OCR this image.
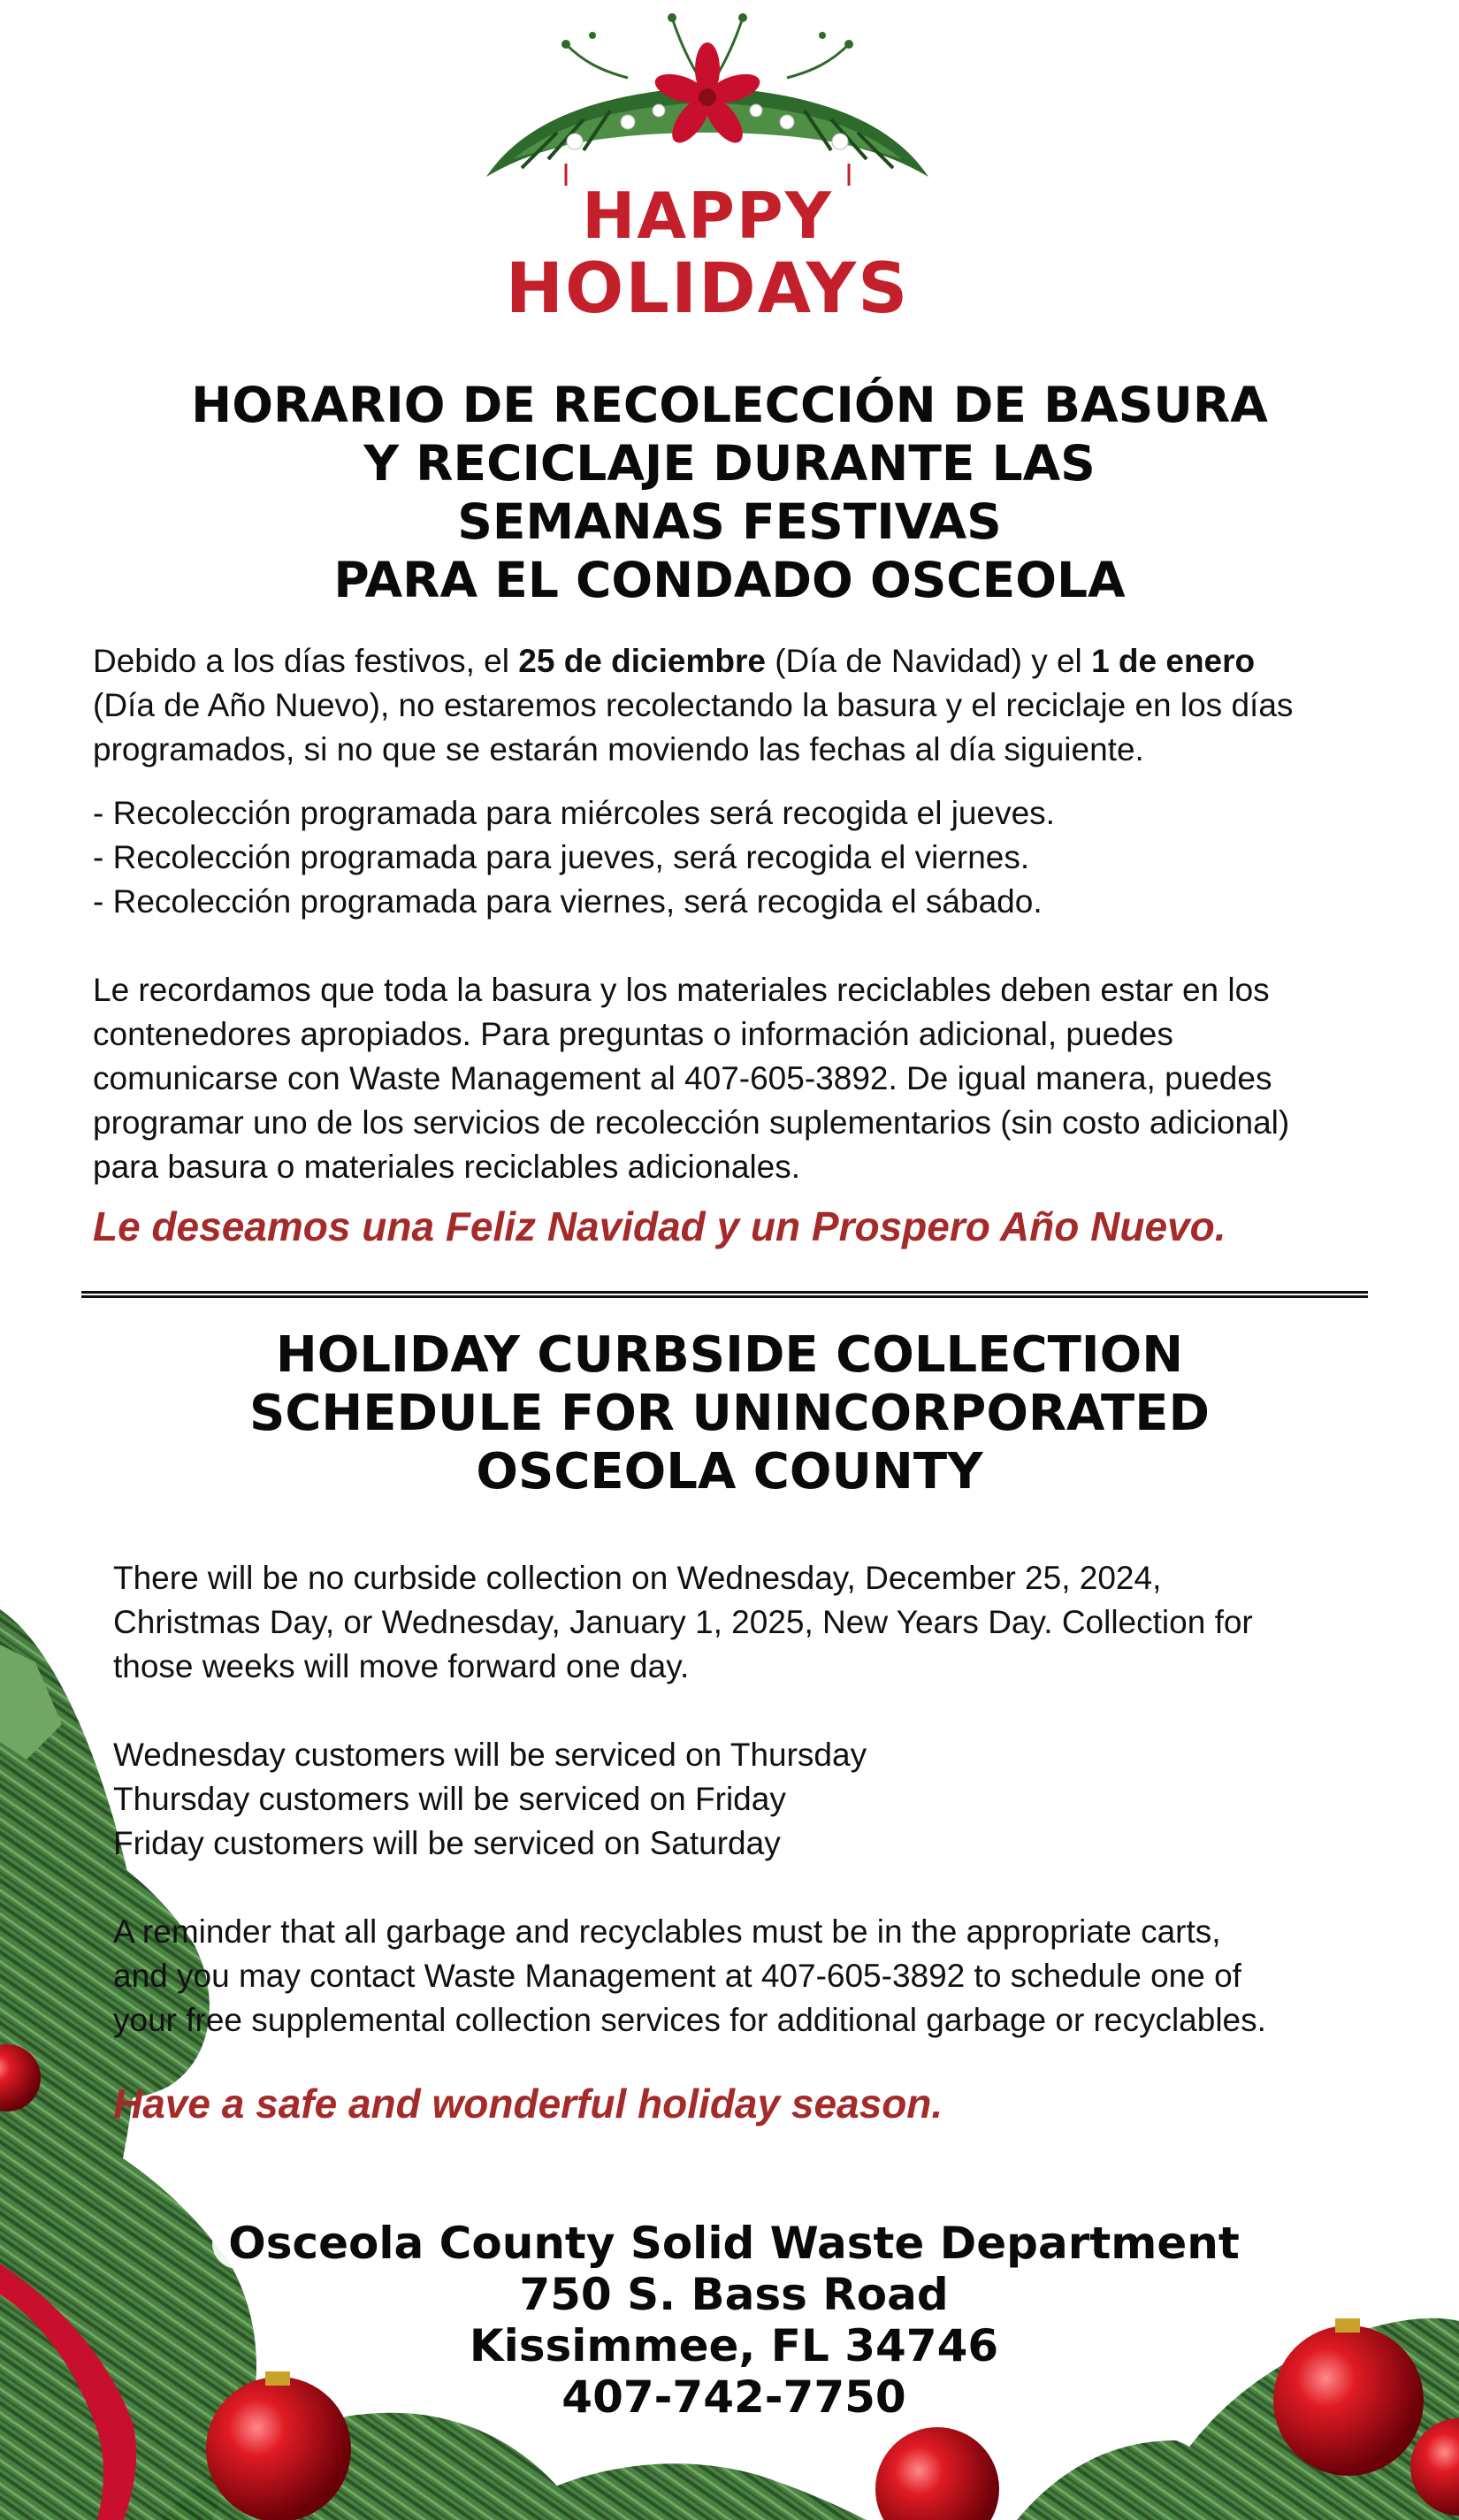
HAPPY
HOLIDAYS
HORARIO DE RECOLECCIÓN DE BASURA
Y RECICLAJE DURANTE LAS
SEMANAS FESTIVAS
PARA EL CONDADO OSCEOLA

Debido a los días festivos, el 25 de diciembre (Día de Navidad) y el 1 de enero
(Día de Año Nuevo), no estaremos recolectando la basura y el reciclaje en los días
programados, si no que se estarán moviendo las fechas al día siguiente.

- Recolección programada para miércoles será recogida el jueves.
- Recolección programada para jueves, será recogida el viernes.
- Recolección programada para viernes, será recogida el sábado.

Le recordamos que toda la basura y los materiales reciclables deben estar en los
contenedores apropiados. Para preguntas o información adicional, puedes
comunicarse con Waste Management al 407-605-3892. De igual manera, puedes
programar uno de los servicios de recolección suplementarios (sin costo adicional)
para basura o materiales reciclables adicionales.

Le deseamos una Feliz Navidad y un Prospero Año Nuevo.

HOLIDAY CURBSIDE COLLECTION
SCHEDULE FOR UNINCORPORATED
OSCEOLA COUNTY

There will be no curbside collection on Wednesday, December 25, 2024,
Christmas Day, or Wednesday, January 1, 2025, New Years Day. Collection for
those weeks will move forward one day.

Wednesday customers will be serviced on Thursday
Thursday customers will be serviced on Friday
Friday customers will be serviced on Saturday

A reminder that all garbage and recyclables must be in the appropriate carts,
and you may contact Waste Management at 407-605-3892 to schedule one of
your free supplemental collection services for additional garbage or recyclables.

Have a safe and wonderful holiday season.

Osceola County Solid Waste Department
750 S. Bass Road
Kissimmee, FL 34746
407-742-7750
